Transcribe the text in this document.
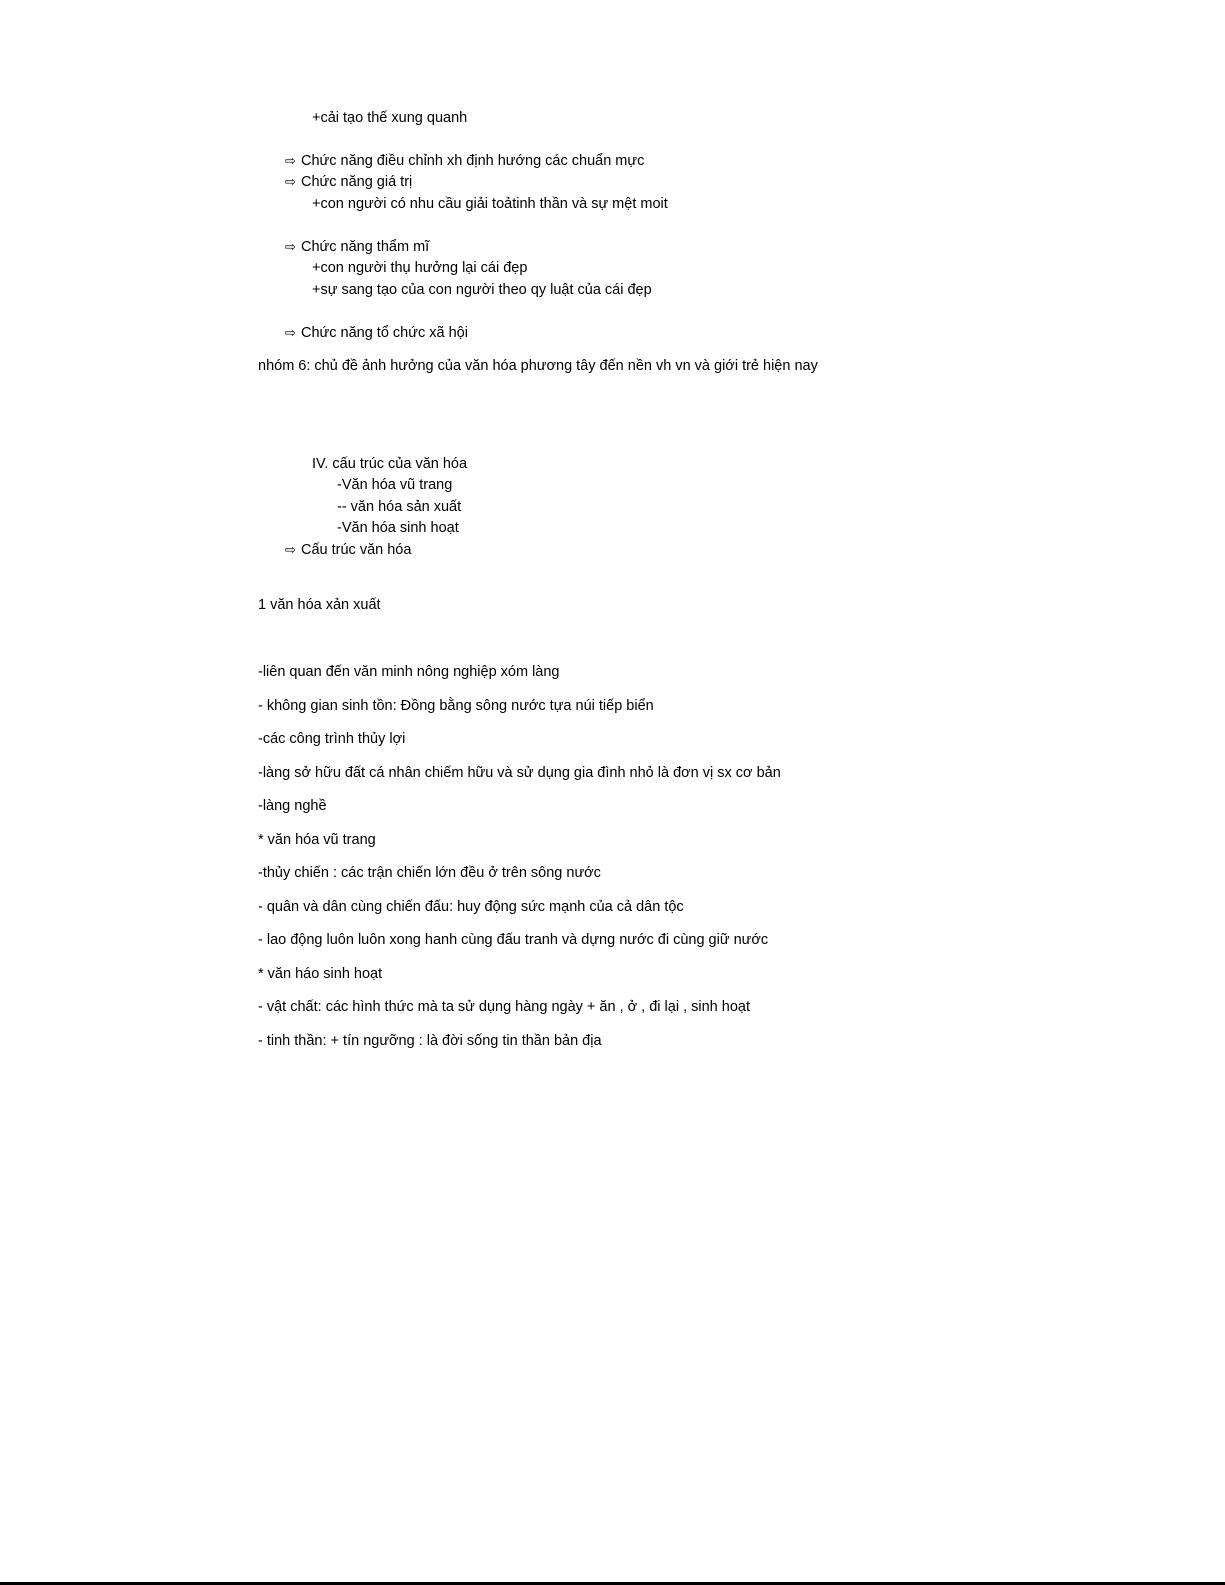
+cải tạo thế xung quanh
⇨ Chức năng điều chỉnh xh định hướng các chuẩn mực
⇨ Chức năng giá trị
+con người có nhu cầu giải toảtinh thần và sự mệt moit
⇨ Chức năng thẩm mĩ
+con người thụ hưởng lại cái đẹp
+sự sang tạo của con người theo qy luật của cái đẹp
⇨ Chức năng tổ chức xã hội
nhóm 6: chủ đề ảnh hưởng của văn hóa phương tây đến nền vh vn và giới trẻ hiện nay
IV. cấu trúc của văn hóa
-Văn hóa vũ trang
-- văn hóa sản xuất
-Văn hóa sinh hoạt
⇨ Cấu trúc văn hóa
1 văn hóa xản xuất
-liên quan đến văn minh nông nghiệp xóm làng
- không gian sinh tồn: Đồng bằng sông nước tựa núi tiếp biển
-các công trình thủy lợi
-làng sở hữu đất cá nhân chiếm hữu và sử dụng gia đình nhỏ là đơn vị sx cơ bản
-làng nghề
* văn hóa vũ trang
-thủy chiến : các trận chiến lớn đều ở trên sông nước
- quân và dân cùng chiến đấu: huy động sức mạnh của cả dân tộc
- lao động luôn luôn xong hanh cùng đấu tranh và dựng nước đi cùng giữ nước
* văn háo sinh hoạt
- vật chất: các hình thức mà ta sử dụng hàng ngày + ăn , ở , đi lại , sinh hoạt
- tinh thần: + tín ngưỡng : là đời sống tin thần bản địa
